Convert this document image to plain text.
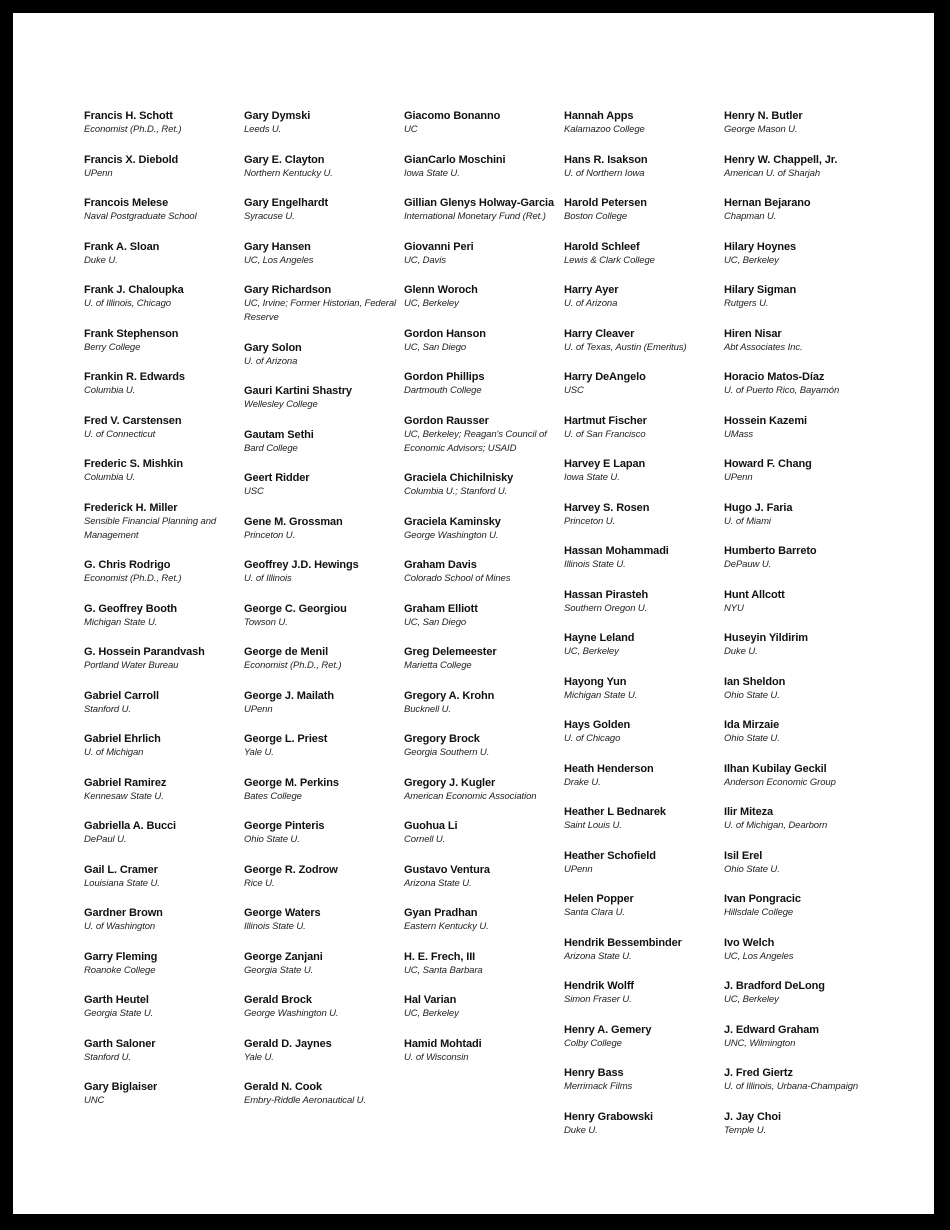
Francis H. Schott
Economist (Ph.D., Ret.)
Francis X. Diebold
UPenn
Francois Melese
Naval Postgraduate School
Frank A. Sloan
Duke U.
Frank J. Chaloupka
U. of Illinois, Chicago
Frank Stephenson
Berry College
Frankin R. Edwards
Columbia U.
Fred V. Carstensen
U. of Connecticut
Frederic S. Mishkin
Columbia U.
Frederick H. Miller
Sensible Financial Planning and Management
G. Chris Rodrigo
Economist (Ph.D., Ret.)
G. Geoffrey Booth
Michigan State U.
G. Hossein Parandvash
Portland Water Bureau
Gabriel Carroll
Stanford U.
Gabriel Ehrlich
U. of Michigan
Gabriel Ramirez
Kennesaw State U.
Gabriella A. Bucci
DePaul U.
Gail L. Cramer
Louisiana State U.
Gardner Brown
U. of Washington
Garry Fleming
Roanoke College
Garth Heutel
Georgia State U.
Garth Saloner
Stanford U.
Gary Biglaiser
UNC
Gary Dymski
Leeds U.
Gary E. Clayton
Northern Kentucky U.
Gary Engelhardt
Syracuse U.
Gary Hansen
UC, Los Angeles
Gary Richardson
UC, Irvine; Former Historian, Federal Reserve
Gary Solon
U. of Arizona
Gauri Kartini Shastry
Wellesley College
Gautam Sethi
Bard College
Geert Ridder
USC
Gene M. Grossman
Princeton U.
Geoffrey J.D. Hewings
U. of Illinois
George C. Georgiou
Towson U.
George de Menil
Economist (Ph.D., Ret.)
George J. Mailath
UPenn
George L. Priest
Yale U.
George M. Perkins
Bates College
George Pinteris
Ohio State U.
George R. Zodrow
Rice U.
George Waters
Illinois State U.
George Zanjani
Georgia State U.
Gerald Brock
George Washington U.
Gerald D. Jaynes
Yale U.
Gerald N. Cook
Embry-Riddle Aeronautical U.
Giacomo Bonanno
UC
GianCarlo Moschini
Iowa State U.
Gillian Glenys Holway-Garcia
International Monetary Fund (Ret.)
Giovanni Peri
UC, Davis
Glenn Woroch
UC, Berkeley
Gordon Hanson
UC, San Diego
Gordon Phillips
Dartmouth College
Gordon Rausser
UC, Berkeley; Reagan's Council of Economic Advisors; USAID
Graciela Chichilnisky
Columbia U.; Stanford U.
Graciela Kaminsky
George Washington U.
Graham Davis
Colorado School of Mines
Graham Elliott
UC, San Diego
Greg Delemeester
Marietta College
Gregory A. Krohn
Bucknell U.
Gregory Brock
Georgia Southern U.
Gregory J. Kugler
American Economic Association
Guohua Li
Cornell U.
Gustavo Ventura
Arizona State U.
Gyan Pradhan
Eastern Kentucky U.
H. E. Frech, III
UC, Santa Barbara
Hal Varian
UC, Berkeley
Hamid Mohtadi
U. of Wisconsin
Hannah Apps
Kalamazoo College
Hans R. Isakson
U. of Northern Iowa
Harold Petersen
Boston College
Harold Schleef
Lewis & Clark College
Harry Ayer
U. of Arizona
Harry Cleaver
U. of Texas, Austin (Emeritus)
Harry DeAngelo
USC
Hartmut Fischer
U. of San Francisco
Harvey E Lapan
Iowa State U.
Harvey S. Rosen
Princeton U.
Hassan Mohammadi
Illinois State U.
Hassan Pirasteh
Southern Oregon U.
Hayne Leland
UC, Berkeley
Hayong Yun
Michigan State U.
Hays Golden
U. of Chicago
Heath Henderson
Drake U.
Heather L Bednarek
Saint Louis U.
Heather Schofield
UPenn
Helen Popper
Santa Clara U.
Hendrik Bessembinder
Arizona State U.
Hendrik Wolff
Simon Fraser U.
Henry A. Gemery
Colby College
Henry Bass
Merrimack Films
Henry Grabowski
Duke U.
Henry N. Butler
George Mason U.
Henry W. Chappell, Jr.
American U. of Sharjah
Hernan Bejarano
Chapman U.
Hilary Hoynes
UC, Berkeley
Hilary Sigman
Rutgers U.
Hiren Nisar
Abt Associates Inc.
Horacio Matos-Díaz
U. of Puerto Rico, Bayamón
Hossein Kazemi
UMass
Howard F. Chang
UPenn
Hugo J. Faria
U. of Miami
Humberto Barreto
DePauw U.
Hunt Allcott
NYU
Huseyin Yildirim
Duke U.
Ian Sheldon
Ohio State U.
Ida Mirzaie
Ohio State U.
Ilhan Kubilay Geckil
Anderson Economic Group
Ilir Miteza
U. of Michigan, Dearborn
Isil Erel
Ohio State U.
Ivan Pongracic
Hillsdale College
Ivo Welch
UC, Los Angeles
J. Bradford DeLong
UC, Berkeley
J. Edward Graham
UNC, Wilmington
J. Fred Giertz
U. of Illinois, Urbana-Champaign
J. Jay Choi
Temple U.
